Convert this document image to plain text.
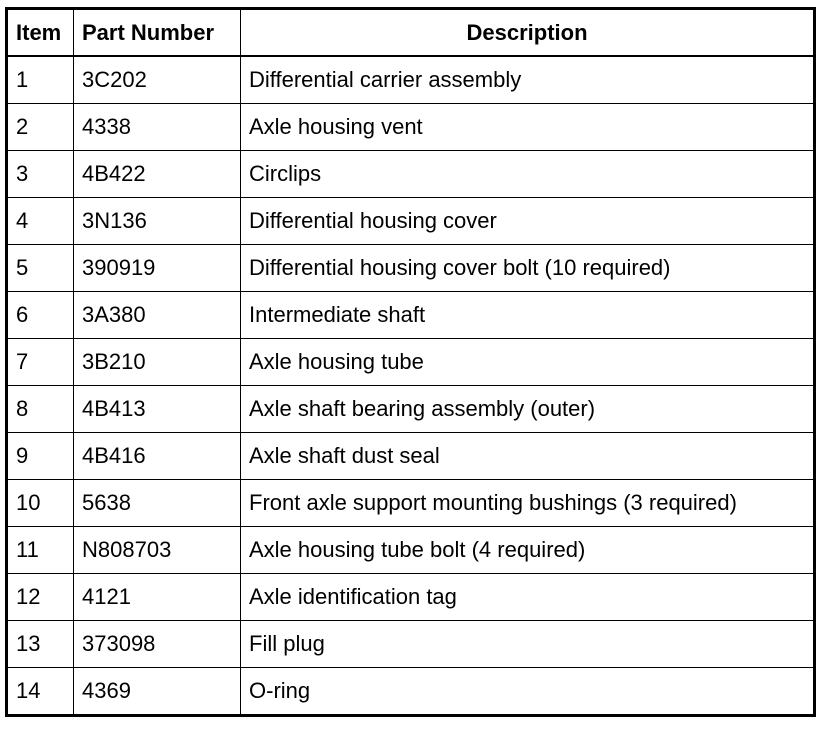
Item	Part Number	Description
1	3C202	Differential carrier assembly
2	4338	Axle housing vent
3	4B422	Circlips
4	3N136	Differential housing cover
5	390919	Differential housing cover bolt (10 required)
6	3A380	Intermediate shaft
7	3B210	Axle housing tube
8	4B413	Axle shaft bearing assembly (outer)
9	4B416	Axle shaft dust seal
10	5638	Front axle support mounting bushings (3 required)
11	N808703	Axle housing tube bolt (4 required)
12	4121	Axle identification tag
13	373098	Fill plug
14	4369	O-ring
